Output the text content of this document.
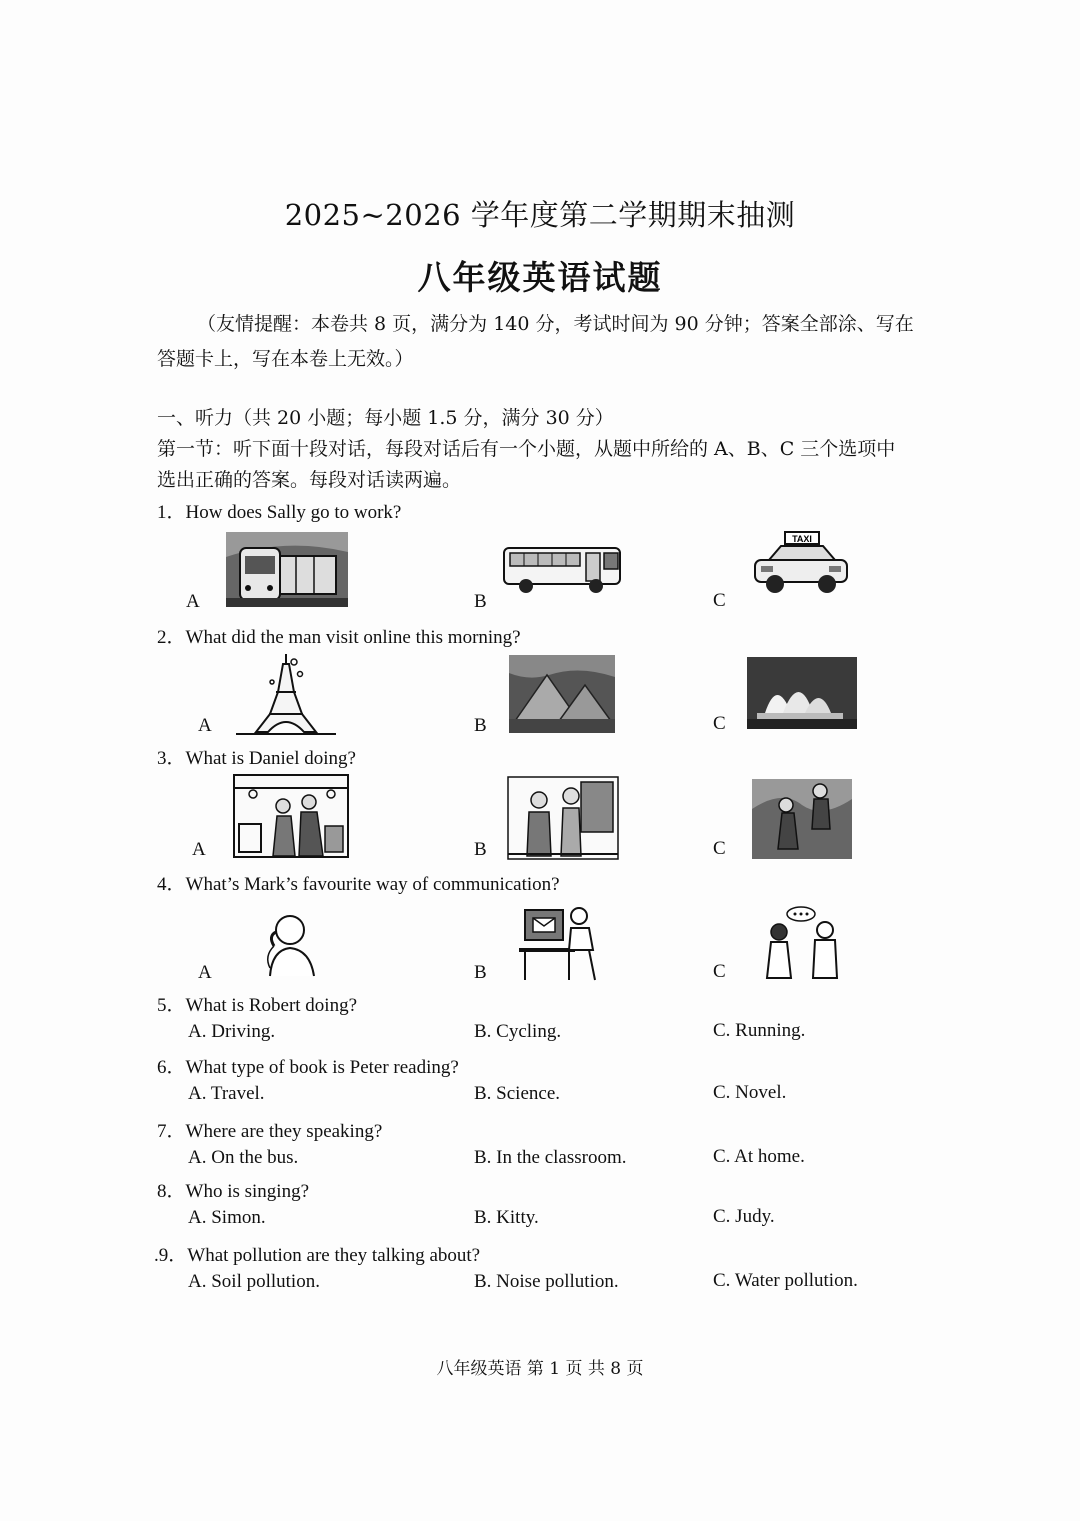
2025~2026 学年度第二学期期末抽测
八年级英语试题
（友情提醒：本卷共 8 页，满分为 140 分，考试时间为 90 分钟；答案全部涂、写在
答题卡上，写在本卷上无效。）
一、听力（共 20 小题；每小题 1.5 分，满分 30 分）
第一节：听下面十段对话，每段对话后有一个小题，从题中所给的 A、B、C 三个选项中
选出正确的答案。每段对话读两遍。
1．How does Sally go to work?
A	B	C
TAXI
2．What did the man visit online this morning?
A	B	C
3．What is Daniel doing?
A	B	C
4．What’s Mark’s favourite way of communication?
A	B	C
5．What is Robert doing?
A. Driving.	B. Cycling.	C. Running.
6．What type of book is Peter reading?
A. Travel.	B. Science.	C. Novel.
7．Where are they speaking?
A. On the bus.	B. In the classroom.	C. At home.
8．Who is singing?
A. Simon.	B. Kitty.	C. Judy.
.9．What pollution are they talking about?
A. Soil pollution.	B. Noise pollution.	C. Water pollution.
八年级英语 第 1 页 共 8 页
